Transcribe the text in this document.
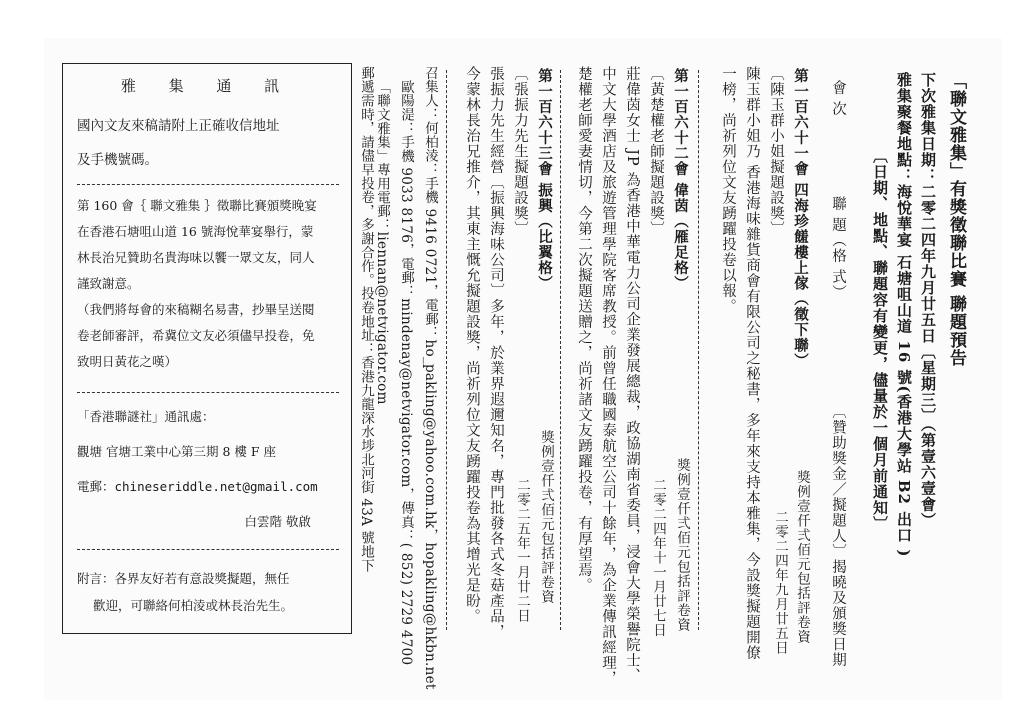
雅 集 通 訊
國內文友來稿請附上正確收信地址
及手機號碼。
第 160 會｛ 聯文雅集 ｝徵聯比賽頒獎晚宴
在香港石塘咀山道 16 號海悅華宴舉行，蒙
林長治兄贊助名貴海味以饗一眾文友，同人
謹致謝意。
（我們將每會的來稿糊名易書，抄畢呈送閱
卷老師審評，希冀位文友必須儘早投卷，免
致明日黃花之嘆）
「香港聯謎社」通訊處：
觀塘 官塘工業中心第三期 8 樓 F 座
電郵：chineseriddle.net@gmail.com
白雲階 敬啟
附言：各界友好若有意設獎擬題，無任
歡迎，可聯絡何柏淩或林長治先生。
「聯文雅集」有獎徵聯比賽 聯題預告
下次雅集日期：二零二四年九月廿五日〔星期三〕（第壹六壹會）
雅集聚餐地點：海悅華宴 石塘咀山道 16 號(香港大學站 B2 出口 )
〔日期、地點、聯題容有變更，儘量於一個月前通知〕
會 次
聯 題（格 式）
〔贊助獎金／擬題人〕揭曉及頒獎日期
第一百六十一會 四海珍饈樓上傢（徵下聯）
〔陳玉群小姐擬題設獎〕
陳玉群小姐乃 香港海味雜貨商會有限公司之秘書，多年來支持本雅集，今設獎擬題開僚
一榜，尚祈列位文友踴躍投卷以報。
獎例壹仟弍佰元包括評卷資
二零二四年九月廿五日
第一百六十二會 偉茵（雁足格）
〔黃楚權老師擬題設獎〕
莊偉茵女士 JP 為香港中華電力公司企業發展總裁，政協湖南省委員，浸會大學榮譽院士、
中文大學酒店及旅遊管理學院客席教授。前曾任職國泰航空公司十餘年，為企業傳訊經理，
楚權老師愛妻情切，今第二次擬題送贈之，尚祈諸文友踴躍投卷，有厚望焉。	獎例壹仟弍佰元包括評卷資
二零二四年十一月廿七日
第一百六十三會 振興（比翼格）
〔張振力先生擬題設獎〕
張振力先生經營〔振興海味公司〕多年，於業界遐邇知名，專門批發各式冬菇產品，
今蒙林長治兄推介，其東主慨允擬題設獎，尚祈列位文友踴躍投卷為其增光是盼。	獎例壹仟弍佰元包括評卷資
二零二五年一月廿二日
召集人：何柏淩：手機 9416 0721，電郵：ho_pakling@yahoo.com.hk，hopakling@hkbn.net
歐陽湜：手機 9033 8176，電郵：mindenay@netvigator.com，傳真：( 852) 2729 4700
「聯文雅集」專用電郵：liennan@netvigator.com
郵遞需時，請儘早投卷，多謝合作。投卷地址：香港九龍深水埗北河街 43A 號地下
